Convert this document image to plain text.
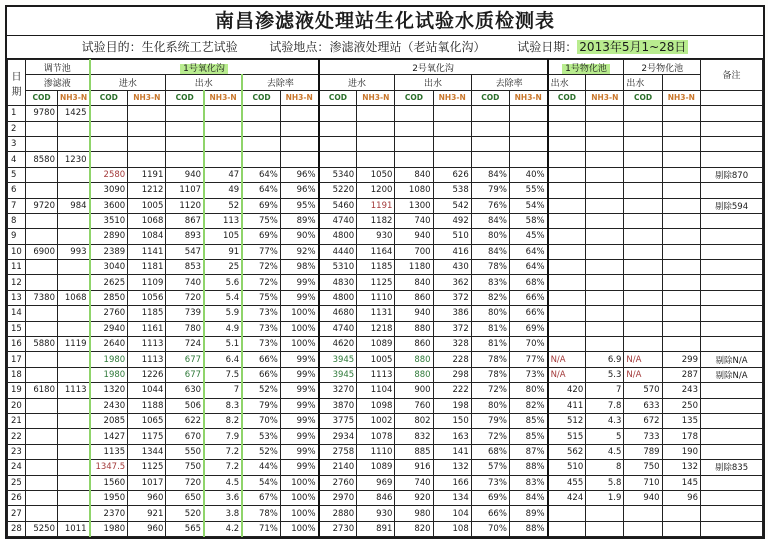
南昌渗滤液处理站生化试验水质检测表
试验目的：生化系统工艺试验	试验地点：渗滤液处理站（老站氧化沟）	试验日期： 2013年5月1~28日
日期	调节池		1号氧化沟						2号氧化沟						1号物化池		2号物化池		备注
	渗滤液		进水		出水		去除率		进水		出水		去除率		出水		出水		
	COD	NH3-N	COD	NH3-N	COD	NH3-N	COD	NH3-N	COD	NH3-N	COD	NH3-N	COD	NH3-N	COD	NH3-N	COD	NH3-N	
1	9780	1425																	
2																			
3																			
4	8580	1230																	
5			2580	1191	940	47	64%	96%	5340	1050	840	626	84%	40%					剔除870
6			3090	1212	1107	49	64%	96%	5220	1200	1080	538	79%	55%					
7	9720	984	3600	1005	1120	52	69%	95%	5460	1191	1300	542	76%	54%					剔除594
8			3510	1068	867	113	75%	89%	4740	1182	740	492	84%	58%					
9			2890	1084	893	105	69%	90%	4800	930	940	510	80%	45%					
10	6900	993	2389	1141	547	91	77%	92%	4440	1164	700	416	84%	64%					
11			3040	1181	853	25	72%	98%	5310	1185	1180	430	78%	64%					
12			2625	1109	740	5.6	72%	99%	4830	1125	840	362	83%	68%					
13	7380	1068	2850	1056	720	5.4	75%	99%	4800	1110	860	372	82%	66%					
14			2760	1185	739	5.9	73%	100%	4680	1131	940	386	80%	66%					
15			2940	1161	780	4.9	73%	100%	4740	1218	880	372	81%	69%					
16	5880	1119	2640	1113	724	5.1	73%	100%	4620	1089	860	328	81%	70%					
17			1980	1113	677	6.4	66%	99%	3945	1005	880	228	78%	77%	N/A	6.9	N/A	299	剔除N/A
18			1980	1226	677	7.5	66%	99%	3945	1113	880	298	78%	73%	N/A	5.3	N/A	287	剔除N/A
19	6180	1113	1320	1044	630	7	52%	99%	3270	1104	900	222	72%	80%	420	7	570	243	
20			2430	1188	506	8.3	79%	99%	3870	1098	760	198	80%	82%	411	7.8	633	250	
21			2085	1065	622	8.2	70%	99%	3775	1002	802	150	79%	85%	512	4.3	672	135	
22			1427	1175	670	7.9	53%	99%	2934	1078	832	163	72%	85%	515	5	733	178	
23			1135	1344	550	7.2	52%	99%	2758	1110	885	141	68%	87%	562	4.5	789	190	
24			1347.5	1125	750	7.2	44%	99%	2140	1089	916	132	57%	88%	510	8	750	132	剔除835
25			1560	1017	720	4.5	54%	100%	2760	969	740	166	73%	83%	455	5.8	710	145	
26			1950	960	650	3.6	67%	100%	2970	846	920	134	69%	84%	424	1.9	940	96	
27			2370	921	520	3.8	78%	100%	2880	930	980	104	66%	89%					
28	5250	1011	1980	960	565	4.2	71%	100%	2730	891	820	108	70%	88%					
